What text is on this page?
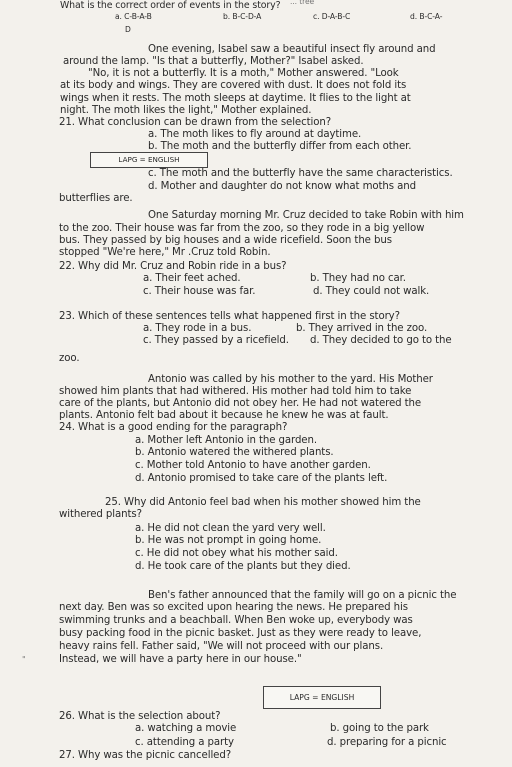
What is the correct order of events in the story? ... tree
a. C-B-A-B
D
b. B-C-D-A	c. D-A-B-C	d. B-C-A-
One evening, Isabel saw a beautiful insect fly around and
around the lamp. "Is that a butterfly, Mother?" Isabel asked.
"No, it is not a butterfly. It is a moth," Mother answered. "Look
at its body and wings. They are covered with dust. It does not fold its
wings when it rests. The moth sleeps at daytime. It flies to the light at
night. The moth likes the light," Mother explained.
21. What conclusion can be drawn from the selection?
a. The moth likes to fly around at daytime.
b. The moth and the butterfly differ from each other.
LAPG = ENGLISH
c. The moth and the butterfly have the same characteristics.
d. Mother and daughter do not know what moths and
butterflies are.
One Saturday morning Mr. Cruz decided to take Robin with him
to the zoo. Their house was far from the zoo, so they rode in a big yellow
bus. They passed by big houses and a wide ricefield. Soon the bus
stopped "We're here," Mr .Cruz told Robin.
22. Why did Mr. Cruz and Robin ride in a bus?
a. Their feet ached.	b. They had no car.
c. Their house was far.	d. They could not walk.
23. Which of these sentences tells what happened first in the story?
a. They rode in a bus.	b. They arrived in the zoo.
c. They passed by a ricefield. d. They decided to go to the
zoo.
Antonio was called by his mother to the yard. His Mother
showed him plants that had withered. His mother had told him to take
care of the plants, but Antonio did not obey her. He had not watered the
plants. Antonio felt bad about it because he knew he was at fault.
24. What is a good ending for the paragraph?
a. Mother left Antonio in the garden.
b. Antonio watered the withered plants.
c. Mother told Antonio to have another garden.
d. Antonio promised to take care of the plants left.
25. Why did Antonio feel bad when his mother showed him the
withered plants?
a. He did not clean the yard very well.
b. He was not prompt in going home.
c. He did not obey what his mother said.
d. He took care of the plants but they died.
Ben's father announced that the family will go on a picnic the
next day. Ben was so excited upon hearing the news. He prepared his
swimming trunks and a beachball. When Ben woke up, everybody was
busy packing food in the picnic basket. Just as they were ready to leave,
heavy rains fell. Father said, "We will not proceed with our plans.
Instead, we will have a party here in our house."
"
LAPG = ENGLISH
26. What is the selection about?
a. watching a movie	b. going to the park
c. attending a party	d. preparing for a picnic
27. Why was the picnic cancelled?
